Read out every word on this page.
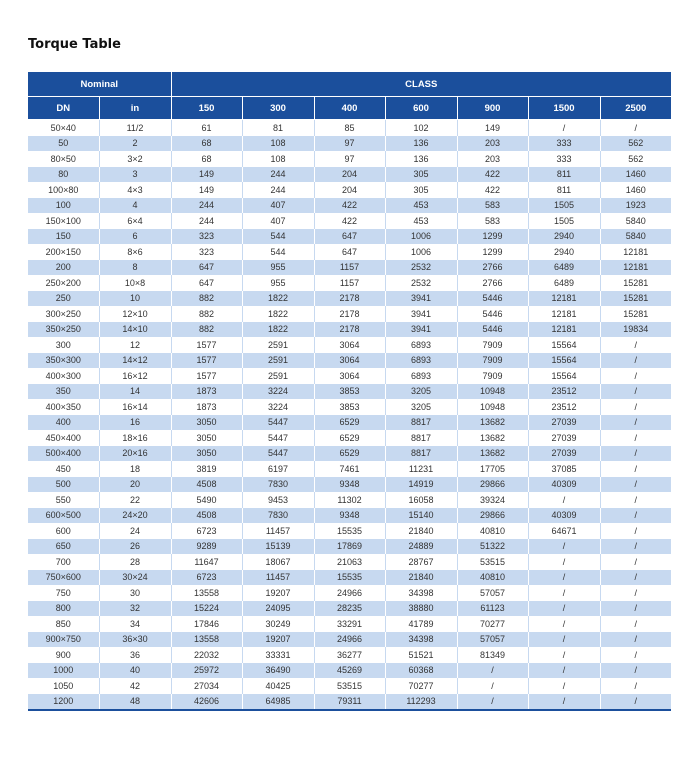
Torque Table
Nominal		CLASS						
DN	in	150	300	400	600	900	1500	2500
50×40	11/2	61	81	85	102	149	/	/
50	2	68	108	97	136	203	333	562
80×50	3×2	68	108	97	136	203	333	562
80	3	149	244	204	305	422	811	1460
100×80	4×3	149	244	204	305	422	811	1460
100	4	244	407	422	453	583	1505	1923
150×100	6×4	244	407	422	453	583	1505	5840
150	6	323	544	647	1006	1299	2940	5840
200×150	8×6	323	544	647	1006	1299	2940	12181
200	8	647	955	1157	2532	2766	6489	12181
250×200	10×8	647	955	1157	2532	2766	6489	15281
250	10	882	1822	2178	3941	5446	12181	15281
300×250	12×10	882	1822	2178	3941	5446	12181	15281
350×250	14×10	882	1822	2178	3941	5446	12181	19834
300	12	1577	2591	3064	6893	7909	15564	/
350×300	14×12	1577	2591	3064	6893	7909	15564	/
400×300	16×12	1577	2591	3064	6893	7909	15564	/
350	14	1873	3224	3853	3205	10948	23512	/
400×350	16×14	1873	3224	3853	3205	10948	23512	/
400	16	3050	5447	6529	8817	13682	27039	/
450×400	18×16	3050	5447	6529	8817	13682	27039	/
500×400	20×16	3050	5447	6529	8817	13682	27039	/
450	18	3819	6197	7461	11231	17705	37085	/
500	20	4508	7830	9348	14919	29866	40309	/
550	22	5490	9453	11302	16058	39324	/	/
600×500	24×20	4508	7830	9348	15140	29866	40309	/
600	24	6723	11457	15535	21840	40810	64671	/
650	26	9289	15139	17869	24889	51322	/	/
700	28	11647	18067	21063	28767	53515	/	/
750×600	30×24	6723	11457	15535	21840	40810	/	/
750	30	13558	19207	24966	34398	57057	/	/
800	32	15224	24095	28235	38880	61123	/	/
850	34	17846	30249	33291	41789	70277	/	/
900×750	36×30	13558	19207	24966	34398	57057	/	/
900	36	22032	33331	36277	51521	81349	/	/
1000	40	25972	36490	45269	60368	/	/	/
1050	42	27034	40425	53515	70277	/	/	/
1200	48	42606	64985	79311	112293	/	/	/
